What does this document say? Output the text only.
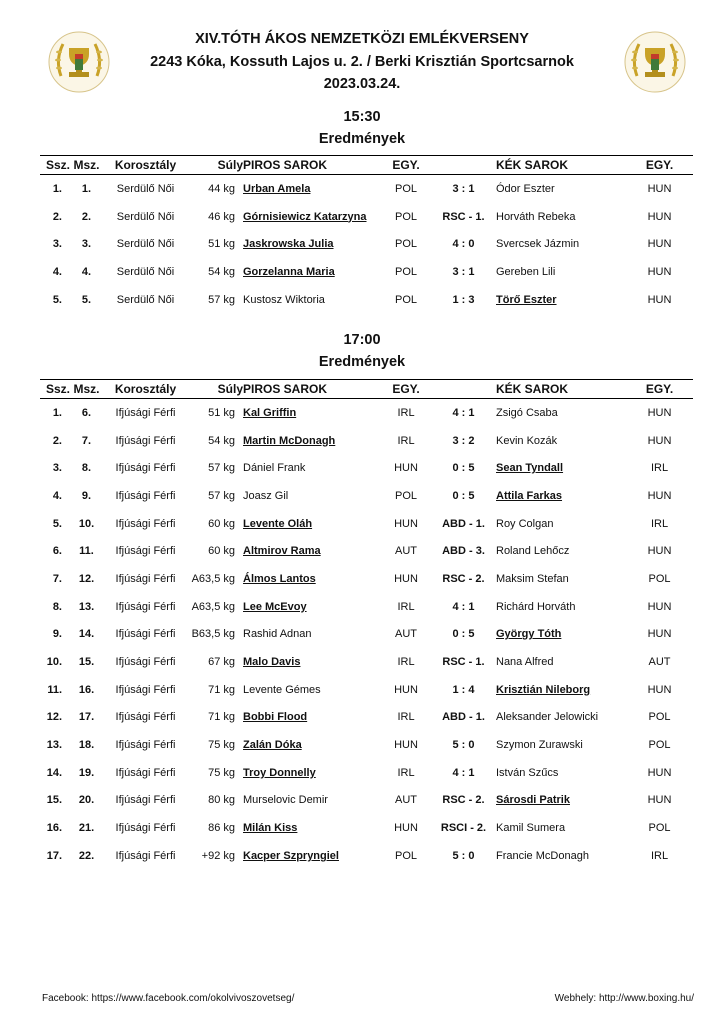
XIV.TÓTH ÁKOS NEMZETKÖZI EMLÉKVERSENY
2243 Kóka, Kossuth Lajos u. 2. / Berki Krisztián Sportcsarnok
2023.03.24.
15:30
Eredmények
Ssz.	Msz.	Korosztály	Súly	PIROS SAROK	EGY.		KÉK SAROK	EGY.
1.	1.	Serdülő Női	44 kg	Urban Amela	POL	3 : 1	Ódor Eszter	HUN
2.	2.	Serdülő Női	46 kg	Górnisiewicz Katarzyna	POL	RSC - 1.	Horváth Rebeka	HUN
3.	3.	Serdülő Női	51 kg	Jaskrowska Julia	POL	4 : 0	Svercsek Jázmin	HUN
4.	4.	Serdülő Női	54 kg	Gorzelanna Maria	POL	3 : 1	Gereben Lili	HUN
5.	5.	Serdülő Női	57 kg	Kustosz Wiktoria	POL	1 : 3	Törő Eszter	HUN
17:00
Eredmények
Ssz.	Msz.	Korosztály	Súly	PIROS SAROK	EGY.		KÉK SAROK	EGY.
1.	6.	Ifjúsági Férfi	51 kg	Kal Griffin	IRL	4 : 1	Zsigó Csaba	HUN
2.	7.	Ifjúsági Férfi	54 kg	Martin McDonagh	IRL	3 : 2	Kevin Kozák	HUN
3.	8.	Ifjúsági Férfi	57 kg	Dániel Frank	HUN	0 : 5	Sean Tyndall	IRL
4.	9.	Ifjúsági Férfi	57 kg	Joasz Gil	POL	0 : 5	Attila Farkas	HUN
5.	10.	Ifjúsági Férfi	60 kg	Levente Oláh	HUN	ABD - 1.	Roy Colgan	IRL
6.	11.	Ifjúsági Férfi	60 kg	Altmirov Rama	AUT	ABD - 3.	Roland Lehőcz	HUN
7.	12.	Ifjúsági Férfi	A63,5 kg	Álmos Lantos	HUN	RSC - 2.	Maksim Stefan	POL
8.	13.	Ifjúsági Férfi	A63,5 kg	Lee McEvoy	IRL	4 : 1	Richárd Horváth	HUN
9.	14.	Ifjúsági Férfi	B63,5 kg	Rashid Adnan	AUT	0 : 5	György Tóth	HUN
10.	15.	Ifjúsági Férfi	67 kg	Malo Davis	IRL	RSC - 1.	Nana Alfred	AUT
11.	16.	Ifjúsági Férfi	71 kg	Levente Gémes	HUN	1 : 4	Krisztián Nileborg	HUN
12.	17.	Ifjúsági Férfi	71 kg	Bobbi Flood	IRL	ABD - 1.	Aleksander Jelowicki	POL
13.	18.	Ifjúsági Férfi	75 kg	Zalán Dóka	HUN	5 : 0	Szymon Zurawski	POL
14.	19.	Ifjúsági Férfi	75 kg	Troy Donnelly	IRL	4 : 1	István Szűcs	HUN
15.	20.	Ifjúsági Férfi	80 kg	Murselovic Demir	AUT	RSC - 2.	Sárosdi Patrik	HUN
16.	21.	Ifjúsági Férfi	86 kg	Milán Kiss	HUN	RSCI - 2.	Kamil Sumera	POL
17.	22.	Ifjúsági Férfi	+92 kg	Kacper Szpryngiel	POL	5 : 0	Francie McDonagh	IRL
Facebook: https://www.facebook.com/okolvivoszovetseg/	Webhely: http://www.boxing.hu/
